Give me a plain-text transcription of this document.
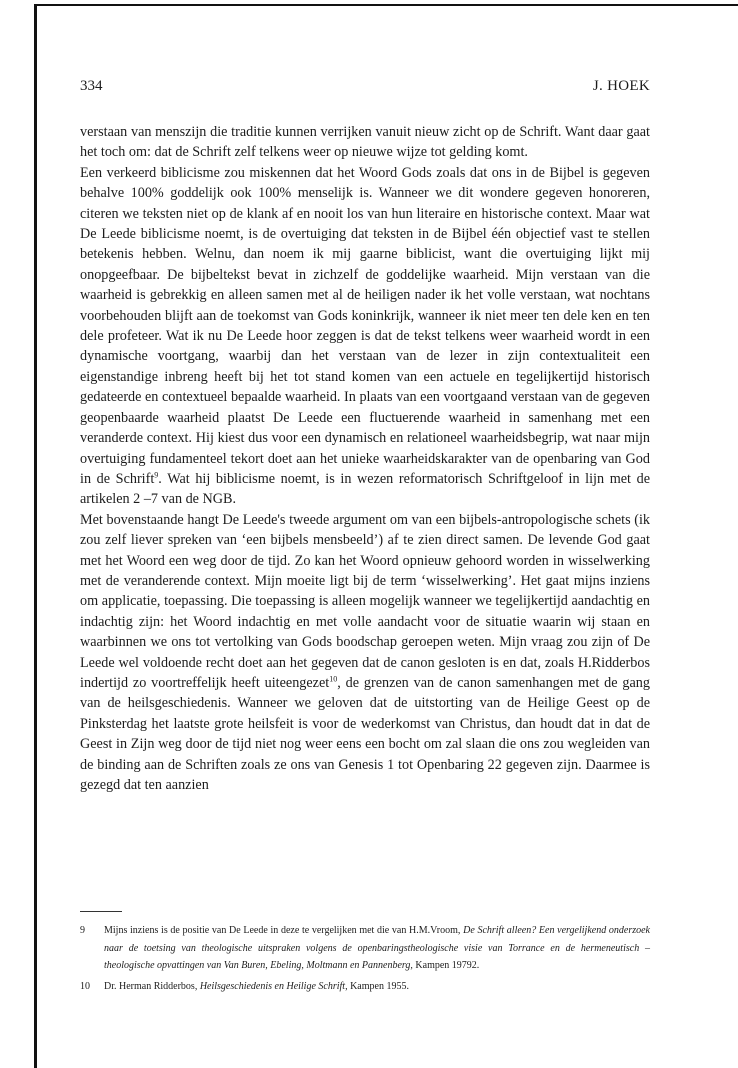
334	J. HOEK

verstaan van menszijn die traditie kunnen verrijken vanuit nieuw zicht op de Schrift. Want daar gaat het toch om: dat de Schrift zelf telkens weer op nieuwe wijze tot gelding komt.

Een verkeerd biblicisme zou miskennen dat het Woord Gods zoals dat ons in de Bijbel is gegeven behalve 100% goddelijk ook 100% menselijk is. Wanneer we dit wondere gegeven honoreren, citeren we teksten niet op de klank af en nooit los van hun literaire en historische context. Maar wat De Leede biblicisme noemt, is de overtuiging dat teksten in de Bijbel één objectief vast te stellen betekenis hebben. Welnu, dan noem ik mij gaarne biblicist, want die overtuiging lijkt mij onopgeefbaar. De bijbeltekst bevat in zichzelf de goddelijke waarheid. Mijn verstaan van die waarheid is gebrekkig en alleen samen met al de heiligen nader ik het volle verstaan, wat nochtans voorbehouden blijft aan de toekomst van Gods koninkrijk, wanneer ik niet meer ten dele ken en ten dele profeteer. Wat ik nu De Leede hoor zeggen is dat de tekst telkens weer waarheid wordt in een dynamische voortgang, waarbij dan het verstaan van de lezer in zijn contextualiteit een eigenstandige inbreng heeft bij het tot stand komen van een actuele en tegelijkertijd historisch gedateerde en contextueel bepaalde waarheid. In plaats van een voortgaand verstaan van de gegeven geopenbaarde waarheid plaatst De Leede een fluctuerende waarheid in samenhang met een veranderde context. Hij kiest dus voor een dynamisch en relationeel waarheidsbegrip, wat naar mijn overtuiging fundamenteel tekort doet aan het unieke waarheidskarakter van de openbaring van God in de Schrift$^9$. Wat hij biblicisme noemt, is in wezen reformatorisch Schriftgeloof in lijn met de artikelen 2 –7 van de NGB.

Met bovenstaande hangt De Leede's tweede argument om van een bijbels-antropologische schets (ik zou zelf liever spreken van ‘een bijbels mensbeeld’) af te zien direct samen. De levende God gaat met het Woord een weg door de tijd. Zo kan het Woord opnieuw gehoord worden in wisselwerking met de veranderende context. Mijn moeite ligt bij de term ‘wisselwerking’. Het gaat mijns inziens om applicatie, toepassing. Die toepassing is alleen mogelijk wanneer we tegelijkertijd aandachtig en indachtig zijn: het Woord indachtig en met volle aandacht voor de situatie waarin wij staan en waarbinnen we ons tot vertolking van Gods boodschap geroepen weten. Mijn vraag zou zijn of De Leede wel voldoende recht doet aan het gegeven dat de canon gesloten is en dat, zoals H.Ridderbos indertijd zo voortreffelijk heeft uiteengezet$^{10}$, de grenzen van de canon samenhangen met de gang van de heilsgeschiedenis. Wanneer we geloven dat de uitstorting van de Heilige Geest op de Pinksterdag het laatste grote heilsfeit is voor de wederkomst van Christus, dan houdt dat in dat de Geest in Zijn weg door de tijd niet nog weer eens een bocht om zal slaan die ons zou wegleiden van de binding aan de Schriften zoals ze ons van Genesis 1 tot Openbaring 22 gegeven zijn. Daarmee is gezegd dat ten aanzien

9 Mijns inziens is de positie van De Leede in deze te vergelijken met die van H.M.Vroom, De Schrift alleen? Een vergelijkend onderzoek naar de toetsing van theologische uitspraken volgens de openbaringstheologische visie van Torrance en de hermeneutisch –theologische opvattingen van Van Buren, Ebeling, Moltmann en Pannenberg, Kampen 19792.
10 Dr. Herman Ridderbos, Heilsgeschiedenis en Heilige Schrift, Kampen 1955.
